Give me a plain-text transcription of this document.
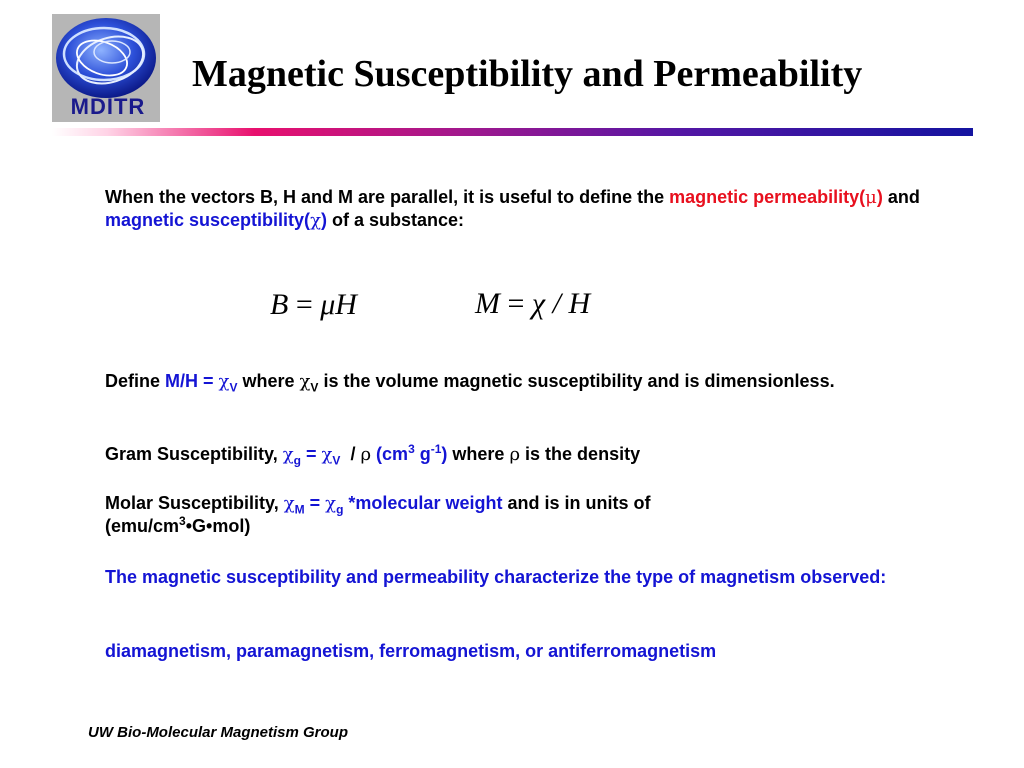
MDITR
Magnetic Susceptibility and Permeability
When the vectors B, H and M are parallel, it is useful to define the magnetic permeability(μ) and magnetic susceptibility(χ) of a substance:
B = μH	M = χ / H
Define $M/H = \chi_V$ where $\chi_V$ is the volume magnetic susceptibility and is dimensionless.
Gram Susceptibility, $\chi_g = \chi_V / \rho$ ($cm^3$ $g^{-1}$) where ρ is the density
Molar Susceptibility, $\chi_M = \chi_g$ *molecular weight and is in units of
$(emu/cm^3•G•mol)$
The magnetic susceptibility and permeability characterize the type of magnetism observed:
diamagnetism, paramagnetism, ferromagnetism, or antiferromagnetism
UW Bio-Molecular Magnetism Group
